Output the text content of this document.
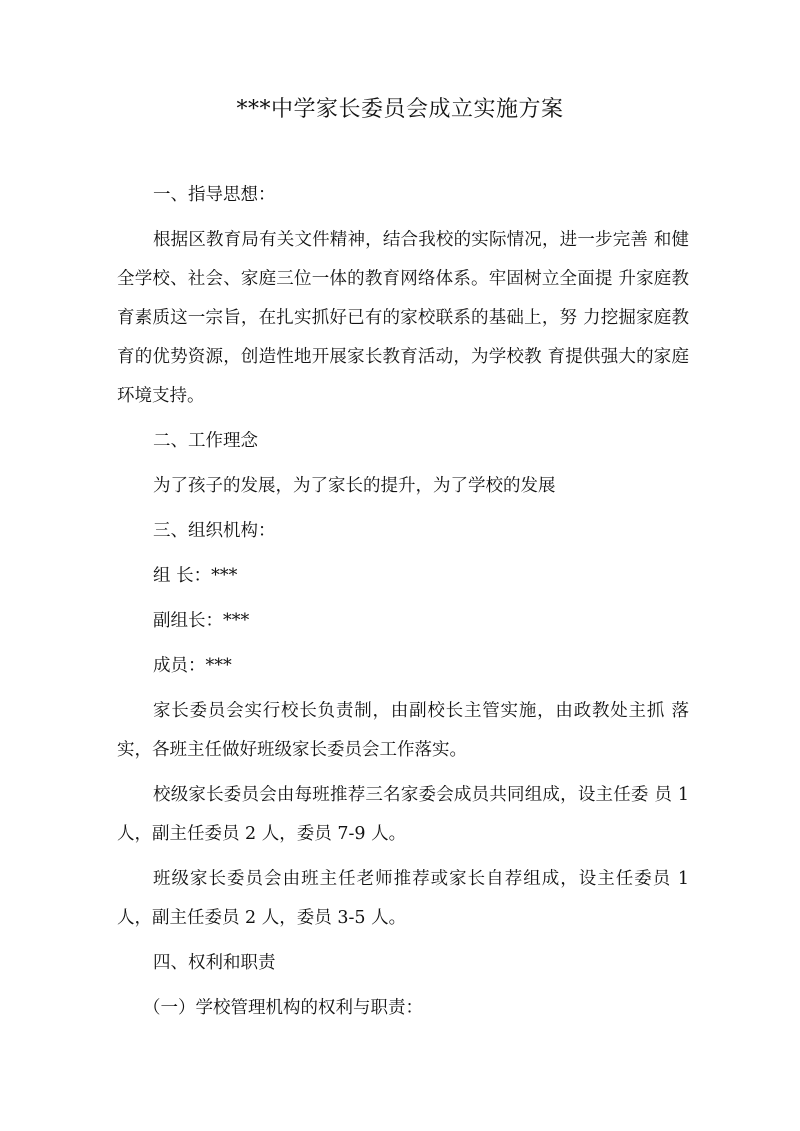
***中学家长委员会成立实施方案

一、指导思想：

根据区教育局有关文件精神，结合我校的实际情况，进一步完善 和健全学校、社会、家庭三位一体的教育网络体系。牢固树立全面提 升家庭教育素质这一宗旨，在扎实抓好已有的家校联系的基础上，努 力挖掘家庭教育的优势资源，创造性地开展家长教育活动，为学校教 育提供强大的家庭环境支持。

二、工作理念

为了孩子的发展，为了家长的提升，为了学校的发展

三、组织机构：

组 长：***

副组长：***

成员：***

家长委员会实行校长负责制，由副校长主管实施，由政教处主抓 落实，各班主任做好班级家长委员会工作落实。

校级家长委员会由每班推荐三名家委会成员共同组成，设主任委 员 1 人，副主任委员 2 人，委员 7-9 人。

班级家长委员会由班主任老师推荐或家长自荐组成，设主任委员 1 人，副主任委员 2 人，委员 3-5 人。

四、权利和职责

（一）学校管理机构的权利与职责：
